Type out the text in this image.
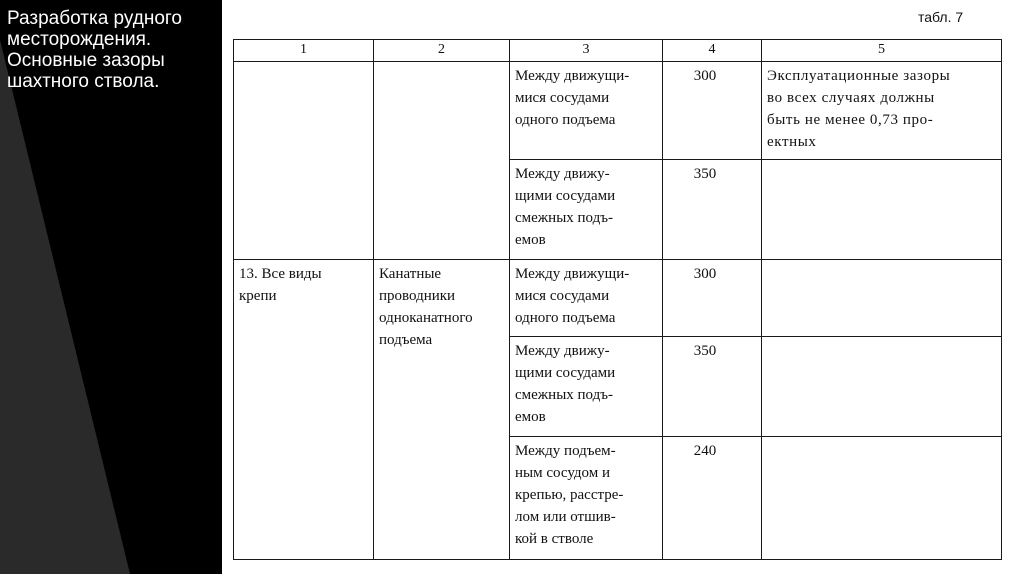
Разработка рудного
месторождения.
Основные зазоры
шахтного ствола.
табл. 7
1	2	3	4	5
		Между движущи-
мися сосудами
одного подъема	300	Эксплуатационные зазоры
во всех случаях должны
быть не менее 0,73 про-
ектных
		Между движу-
щими сосудами
смежных подъ-
емов	350	
13. Все виды
крепи	Канатные
проводники
одноканатного
подъема	Между движущи-
мися сосудами
одного подъема	300	
		Между движу-
щими сосудами
смежных подъ-
емов	350	
		Между подъем-
ным сосудом и
крепью, расстре-
лом или отшив-
кой в стволе	240	
